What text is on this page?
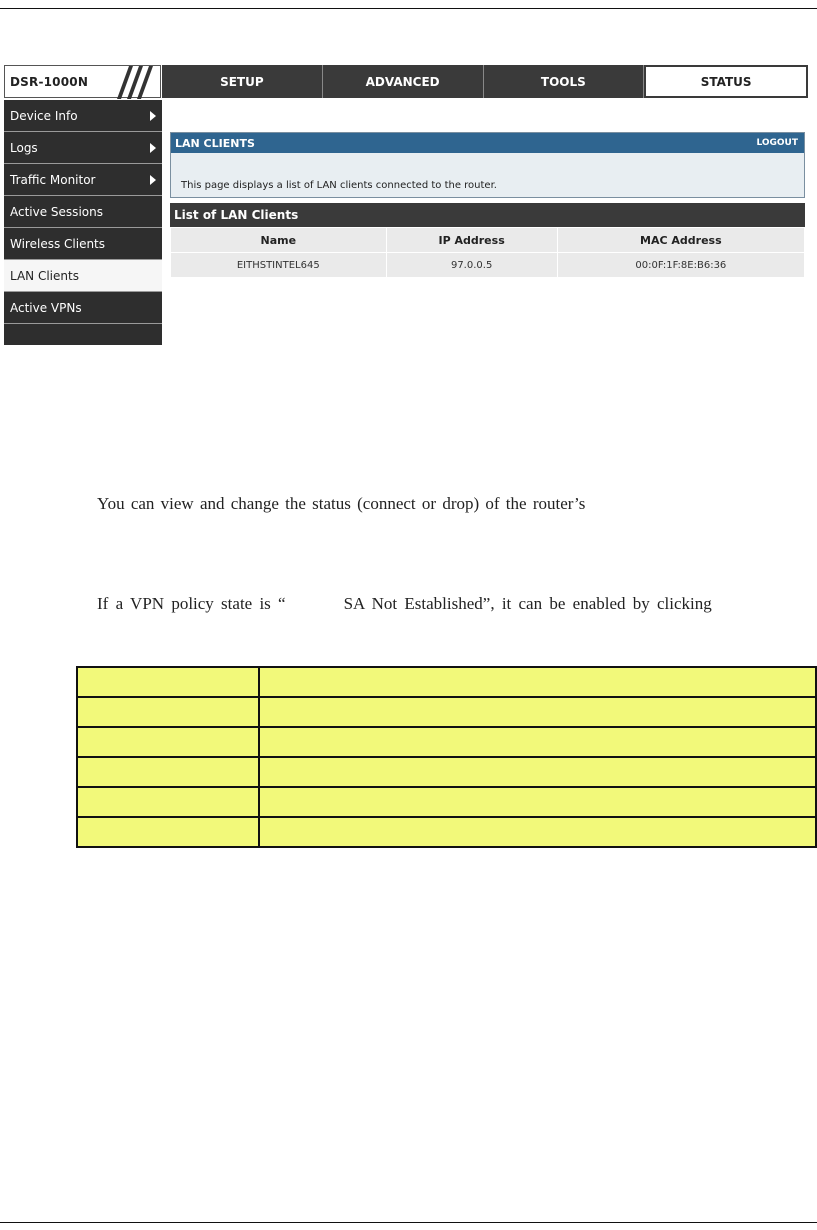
DSR-1000N	SETUP	ADVANCED	TOOLS	STATUS
Device Info
Logs
Traffic Monitor
Active Sessions
Wireless Clients
LAN Clients
Active VPNs
LAN CLIENTS	LOGOUT
This page displays a list of LAN clients connected to the router.
List of LAN Clients
Name	IP Address	MAC Address
EITHSTINTEL645	97.0.0.5	00:0F:1F:8E:B6:36
You can view and change the status (connect or drop) of the router’s
If a VPN policy state is “        SA Not Established”, it can be enabled by clicking
